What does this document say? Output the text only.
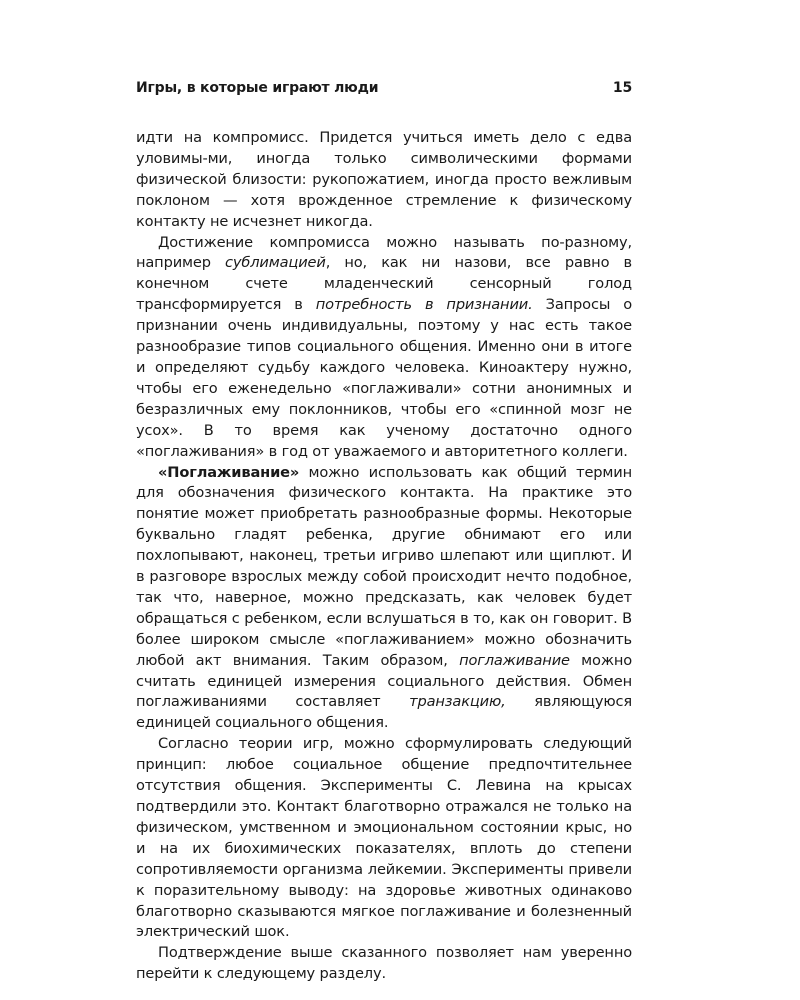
Игры, в которые играют люди	15

идти на компромисс. Придется учиться иметь дело с едва уловимы-ми, иногда только символическими формами физической близости: рукопожатием, иногда просто вежливым поклоном — хотя врожденное стремление к физическому контакту не исчезнет никогда.

Достижение компромисса можно называть по-разному, например сублимацией, но, как ни назови, все равно в конечном счете младенческий сенсорный голод трансформируется в потребность в признании. Запросы о признании очень индивидуальны, поэтому у нас есть такое разнообразие типов социального общения. Именно они в итоге и определяют судьбу каждого человека. Киноактеру нужно, чтобы его еженедельно «поглаживали» сотни анонимных и безразличных ему поклонников, чтобы его «спинной мозг не усох». В то время как ученому достаточно одного «поглаживания» в год от уважаемого и авторитетного коллеги.

«Поглаживание» можно использовать как общий термин для обозначения физического контакта. На практике это понятие может приобретать разнообразные формы. Некоторые буквально гладят ребенка, другие обнимают его или похлопывают, наконец, третьи игриво шлепают или щиплют. И в разговоре взрослых между собой происходит нечто подобное, так что, наверное, можно предсказать, как человек будет обращаться с ребенком, если вслушаться в то, как он говорит. В более широком смысле «поглаживанием» можно обозначить любой акт внимания. Таким образом, поглаживание можно считать единицей измерения социального действия. Обмен поглаживаниями составляет транзакцию, являющуюся единицей социального общения.

Согласно теории игр, можно сформулировать следующий принцип: любое социальное общение предпочтительнее отсутствия общения. Эксперименты С. Левина на крысах подтвердили это. Контакт благотворно отражался не только на физическом, умственном и эмоциональном состоянии крыс, но и на их биохимических показателях, вплоть до степени сопротивляемости организма лейкемии. Эксперименты привели к поразительному выводу: на здоровье животных одинаково благотворно сказываются мягкое поглаживание и болезненный электрический шок.

Подтверждение выше сказанного позволяет нам уверенно перейти к следующему разделу.
